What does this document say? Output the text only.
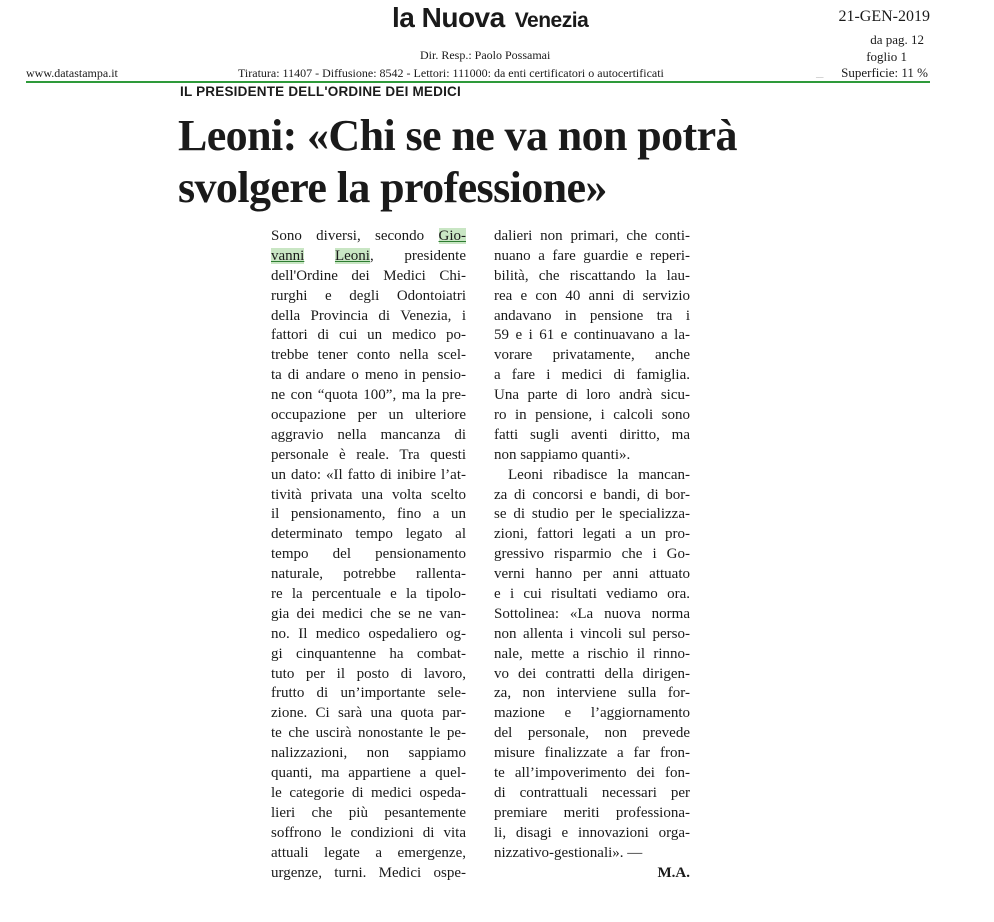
la Nuova Venezia	21-GEN-2019
da pag. 12
foglio 1
Dir. Resp.: Paolo Possamai
www.datastampa.it	Tiratura: 11407 - Diffusione: 8542 - Lettori: 111000: da enti certificatori o autocertificati	___ Superficie: 11 %
IL PRESIDENTE DELL'ORDINE DEI MEDICI
Leoni: «Chi se ne va non potrà
svolgere la professione»
Sono diversi, secondo Gio-
vanni Leoni, presidente
dell'Ordine dei Medici Chi-
rurghi e degli Odontoiatri
della Provincia di Venezia, i
fattori di cui un medico po-
trebbe tener conto nella scel-
ta di andare o meno in pensio-
ne con “quota 100”, ma la pre-
occupazione per un ulteriore
aggravio nella mancanza di
personale è reale. Tra questi
un dato: «Il fatto di inibire l’at-
tività privata una volta scelto
il pensionamento, fino a un
determinato tempo legato al
tempo del pensionamento
naturale, potrebbe rallenta-
re la percentuale e la tipolo-
gia dei medici che se ne van-
no. Il medico ospedaliero og-
gi cinquantenne ha combat-
tuto per il posto di lavoro,
frutto di un’importante sele-
zione. Ci sarà una quota par-
te che uscirà nonostante le pe-
nalizzazioni, non sappiamo
quanti, ma appartiene a quel-
le categorie di medici ospeda-
lieri che più pesantemente
soffrono le condizioni di vita
attuali legate a emergenze,
urgenze, turni. Medici ospe-
dalieri non primari, che conti-
nuano a fare guardie e reperi-
bilità, che riscattando la lau-
rea e con 40 anni di servizio
andavano in pensione tra i
59 e i 61 e continuavano a la-
vorare privatamente, anche
a fare i medici di famiglia.
Una parte di loro andrà sicu-
ro in pensione, i calcoli sono
fatti sugli aventi diritto, ma
non sappiamo quanti».
Leoni ribadisce la mancan-
za di concorsi e bandi, di bor-
se di studio per le specializza-
zioni, fattori legati a un pro-
gressivo risparmio che i Go-
verni hanno per anni attuato
e i cui risultati vediamo ora.
Sottolinea: «La nuova norma
non allenta i vincoli sul perso-
nale, mette a rischio il rinno-
vo dei contratti della dirigen-
za, non interviene sulla for-
mazione e l’aggiornamento
del personale, non prevede
misure finalizzate a far fron-
te all’impoverimento dei fon-
di contrattuali necessari per
premiare meriti professiona-
li, disagi e innovazioni orga-
nizzativo-gestionali». —
M.A.
